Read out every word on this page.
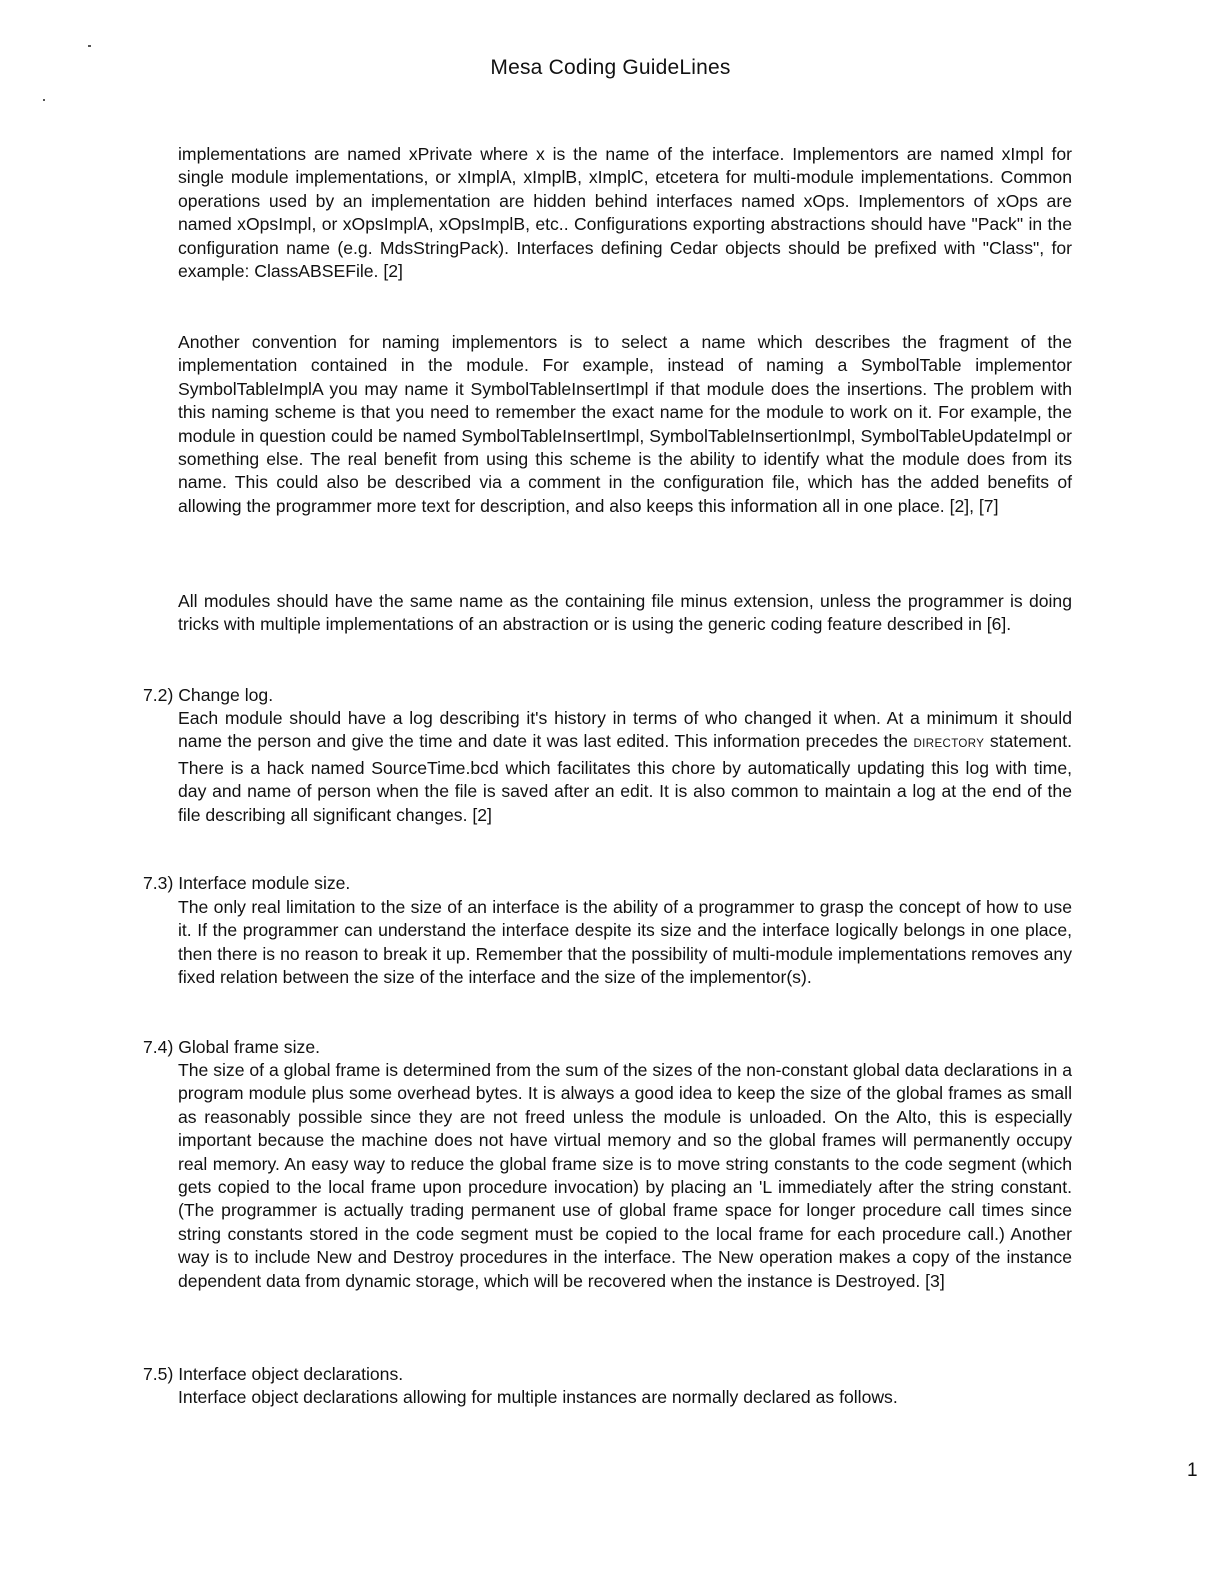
Mesa Coding GuideLines

implementations are named xPrivate where x is the name of the interface. Implementors are named xImpl for single module implementations, or xImplA, xImplB, xImplC, etcetera for multi-module implementations. Common operations used by an implementation are hidden behind interfaces named xOps. Implementors of xOps are named xOpsImpl, or xOpsImplA, xOpsImplB, etc.. Configurations exporting abstractions should have "Pack" in the configuration name (e.g. MdsStringPack). Interfaces defining Cedar objects should be prefixed with "Class", for example: ClassABSEFile. [2]

Another convention for naming implementors is to select a name which describes the fragment of the implementation contained in the module. For example, instead of naming a SymbolTable implementor SymbolTableImplA you may name it SymbolTableInsertImpl if that module does the insertions. The problem with this naming scheme is that you need to remember the exact name for the module to work on it. For example, the module in question could be named SymbolTableInsertImpl, SymbolTableInsertionImpl, SymbolTableUpdateImpl or something else. The real benefit from using this scheme is the ability to identify what the module does from its name. This could also be described via a comment in the configuration file, which has the added benefits of allowing the programmer more text for description, and also keeps this information all in one place. [2], [7]

All modules should have the same name as the containing file minus extension, unless the programmer is doing tricks with multiple implementations of an abstraction or is using the generic coding feature described in [6].

7.2) Change log.

Each module should have a log describing it's history in terms of who changed it when. At a minimum it should name the person and give the time and date it was last edited. This information precedes the DIRECTORY statement. There is a hack named SourceTime.bcd which facilitates this chore by automatically updating this log with time, day and name of person when the file is saved after an edit. It is also common to maintain a log at the end of the file describing all significant changes. [2]

7.3) Interface module size.

The only real limitation to the size of an interface is the ability of a programmer to grasp the concept of how to use it. If the programmer can understand the interface despite its size and the interface logically belongs in one place, then there is no reason to break it up. Remember that the possibility of multi-module implementations removes any fixed relation between the size of the interface and the size of the implementor(s).

7.4) Global frame size.

The size of a global frame is determined from the sum of the sizes of the non-constant global data declarations in a program module plus some overhead bytes. It is always a good idea to keep the size of the global frames as small as reasonably possible since they are not freed unless the module is unloaded. On the Alto, this is especially important because the machine does not have virtual memory and so the global frames will permanently occupy real memory. An easy way to reduce the global frame size is to move string constants to the code segment (which gets copied to the local frame upon procedure invocation) by placing an 'L immediately after the string constant. (The programmer is actually trading permanent use of global frame space for longer procedure call times since string constants stored in the code segment must be copied to the local frame for each procedure call.) Another way is to include New and Destroy procedures in the interface. The New operation makes a copy of the instance dependent data from dynamic storage, which will be recovered when the instance is Destroyed. [3]

7.5) Interface object declarations.

Interface object declarations allowing for multiple instances are normally declared as follows.

1
